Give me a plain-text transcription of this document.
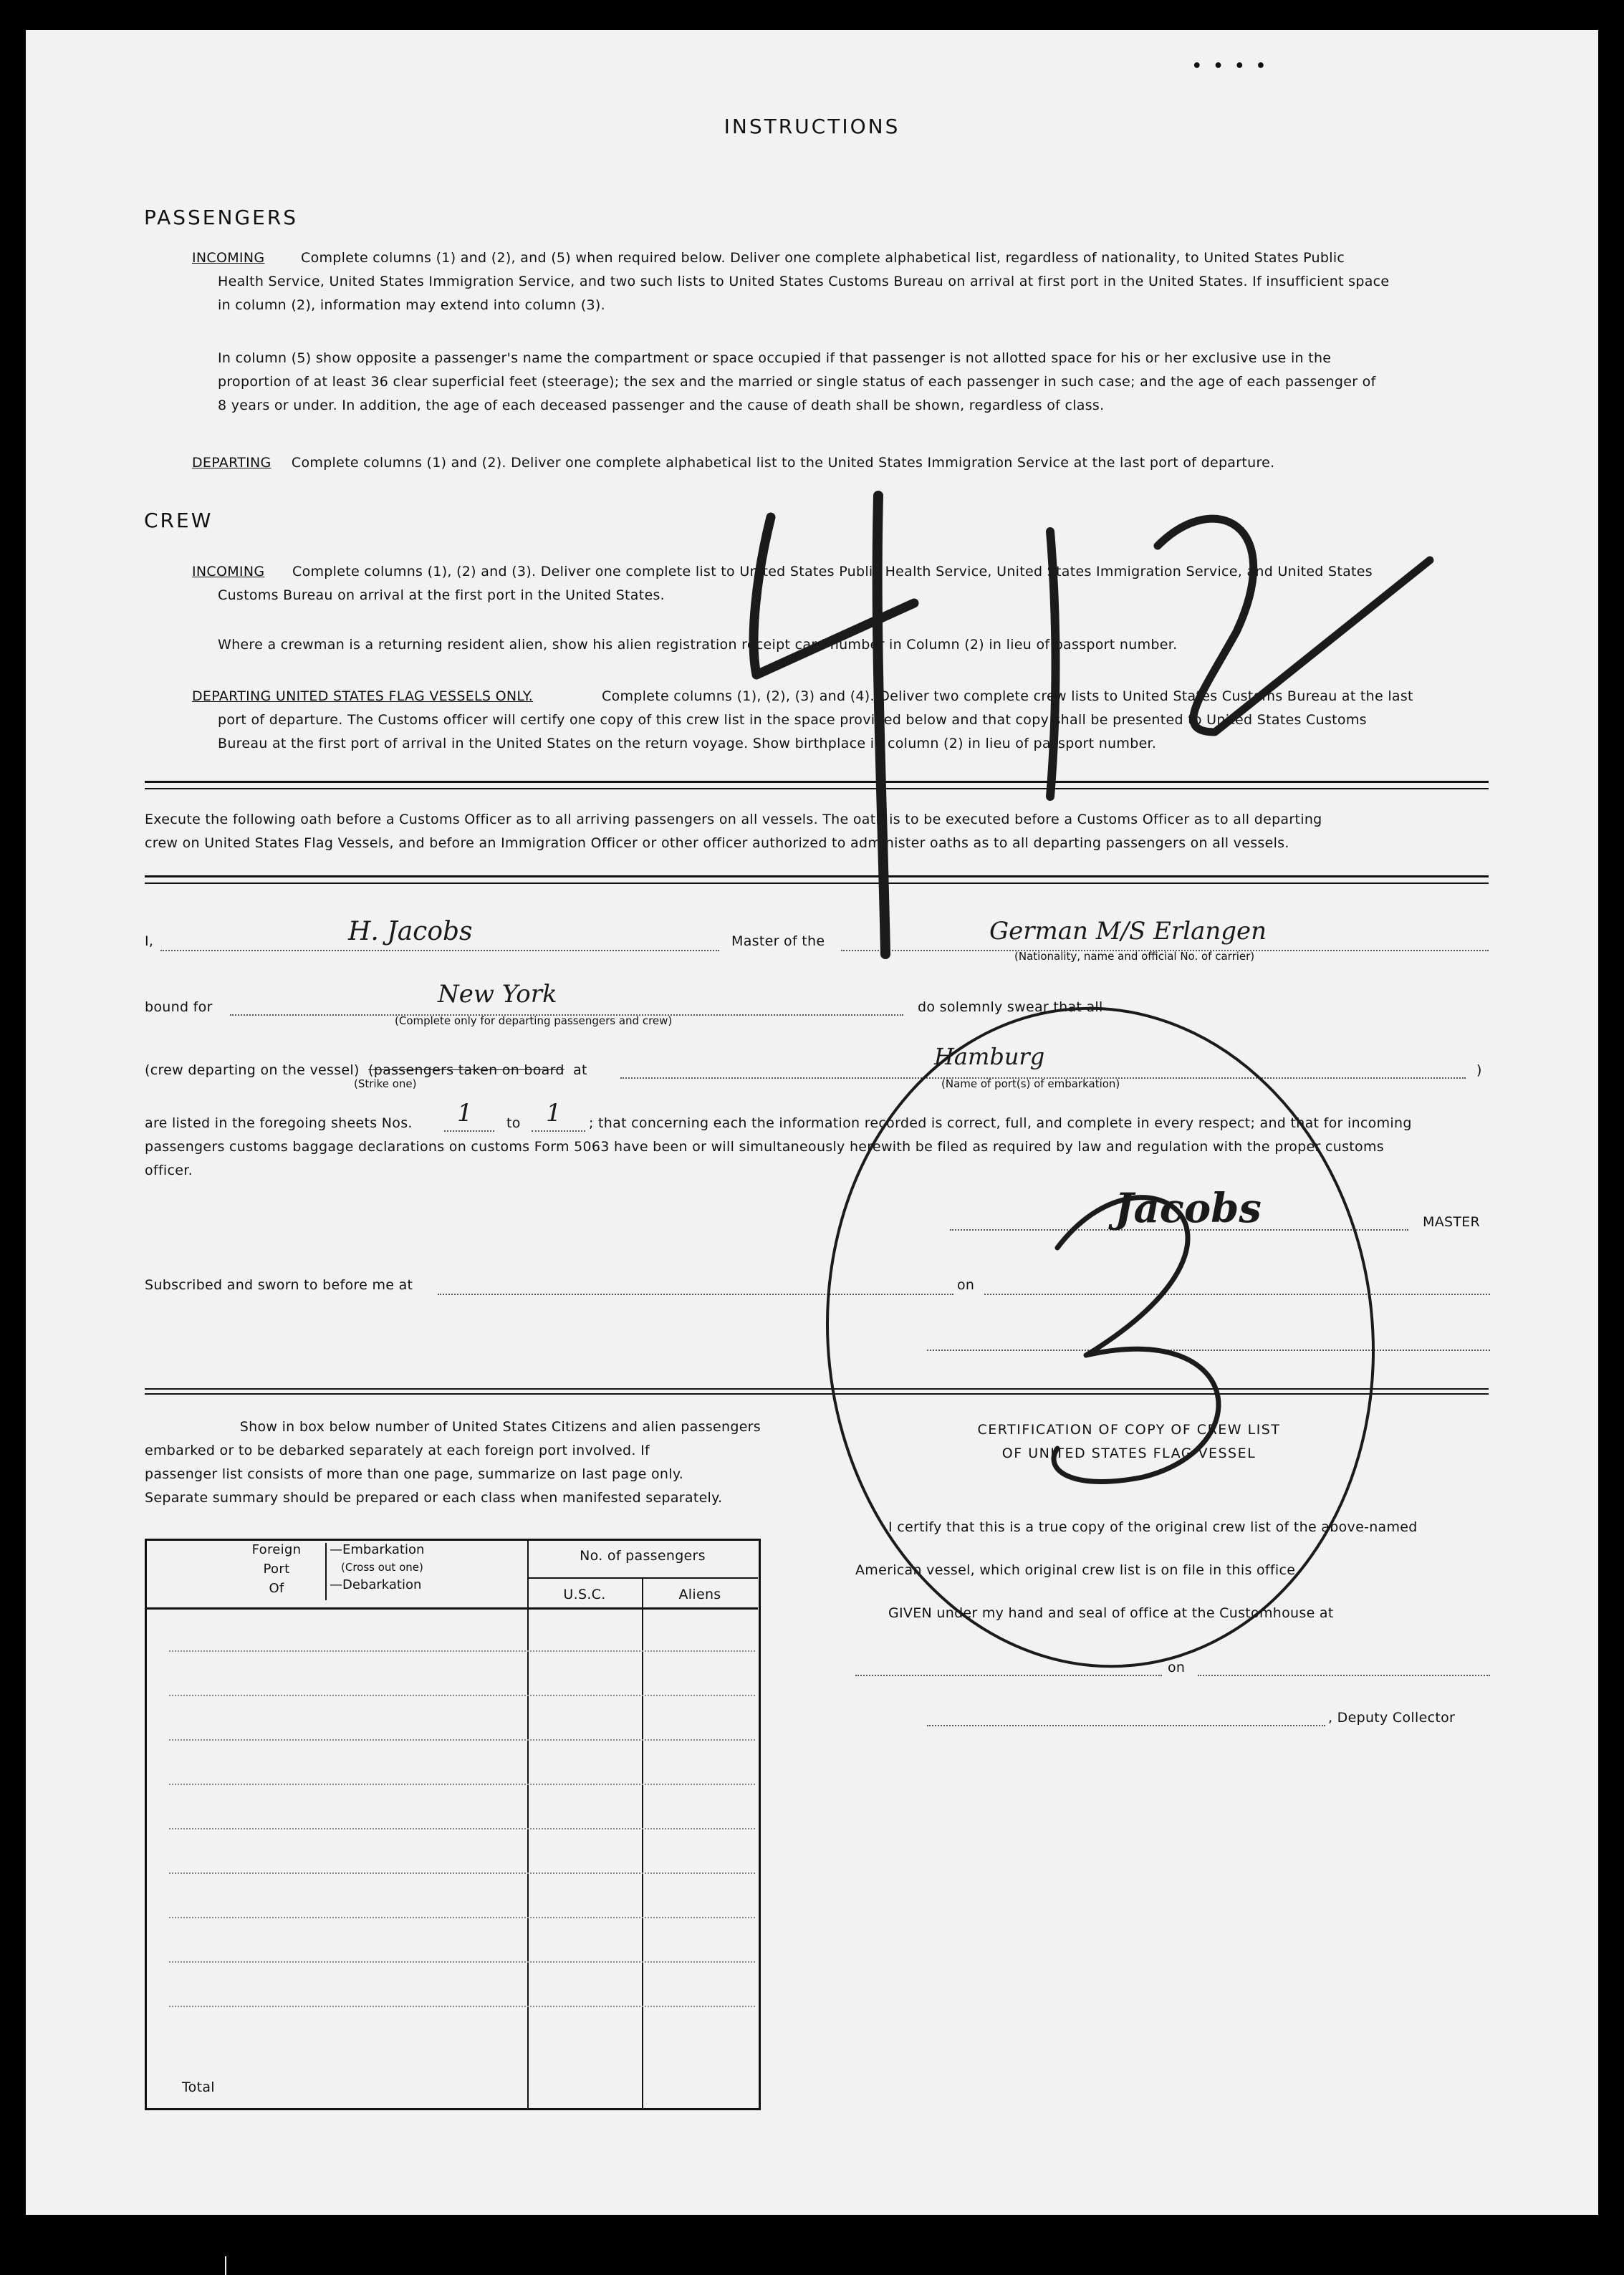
• • • •
INSTRUCTIONS
PASSENGERS
INCOMING	Complete columns (1) and (2), and (5) when required below. Deliver one complete alphabetical list, regardless of nationality, to United States Public
Health Service, United States Immigration Service, and two such lists to United States Customs Bureau on arrival at first port in the United States. If insufficient space
in column (2), information may extend into column (3).
In column (5) show opposite a passenger's name the compartment or space occupied if that passenger is not allotted space for his or her exclusive use in the
proportion of at least 36 clear superficial feet (steerage); the sex and the married or single status of each passenger in such case; and the age of each passenger of
8 years or under. In addition, the age of each deceased passenger and the cause of death shall be shown, regardless of class.
DEPARTING Complete columns (1) and (2). Deliver one complete alphabetical list to the United States Immigration Service at the last port of departure.
CREW
INCOMING Complete columns (1), (2) and (3). Deliver one complete list to United States Public Health Service, United States Immigration Service, and United States
Customs Bureau on arrival at the first port in the United States.
Where a crewman is a returning resident alien, show his alien registration receipt card number in Column (2) in lieu of passport number.
DEPARTING UNITED STATES FLAG VESSELS ONLY.	Complete columns (1), (2), (3) and (4). Deliver two complete crew lists to United States Customs Bureau at the last
port of departure. The Customs officer will certify one copy of this crew list in the space provided below and that copy shall be presented to United States Customs
Bureau at the first port of arrival in the United States on the return voyage. Show birthplace in column (2) in lieu of passport number.
Execute the following oath before a Customs Officer as to all arriving passengers on all vessels. The oath is to be executed before a Customs Officer as to all departing
crew on United States Flag Vessels, and before an Immigration Officer or other officer authorized to administer oaths as to all departing passengers on all vessels.
I,	H. Jacobs	Master of the	German M/S Erlangen
(Nationality, name and official No. of carrier)
bound for	New York
(Complete only for departing passengers and crew)
do solemnly swear that all
(crew departing on the vessel) (passengers taken on board at
(Strike one)
Hamburg
(Name of port(s) of embarkation)
)
are listed in the foregoing sheets Nos. 1 to 1 ; that concerning each the information recorded is correct, full, and complete in every respect; and that for incoming
passengers customs baggage declarations on customs Form 5063 have been or will simultaneously herewith be filed as required by law and regulation with the proper customs
officer.
Jacobs	MASTER
Subscribed and sworn to before me at	on
Show in box below number of United States Citizens and alien passengers
embarked or to be debarked separately at each foreign port involved. If
passenger list consists of more than one page, summarize on last page only.
Separate summary should be prepared or each class when manifested separately.
Foreign
Port
Of
—Embarkation
(Cross out one)
—Debarkation
No. of passengers
U.S.C.	Aliens
Total
CERTIFICATION OF COPY OF CREW LIST
OF UNITED STATES FLAG VESSEL
I certify that this is a true copy of the original crew list of the above-named
American vessel, which original crew list is on file in this office.
GIVEN under my hand and seal of office at the Customhouse at
on
, Deputy Collector
